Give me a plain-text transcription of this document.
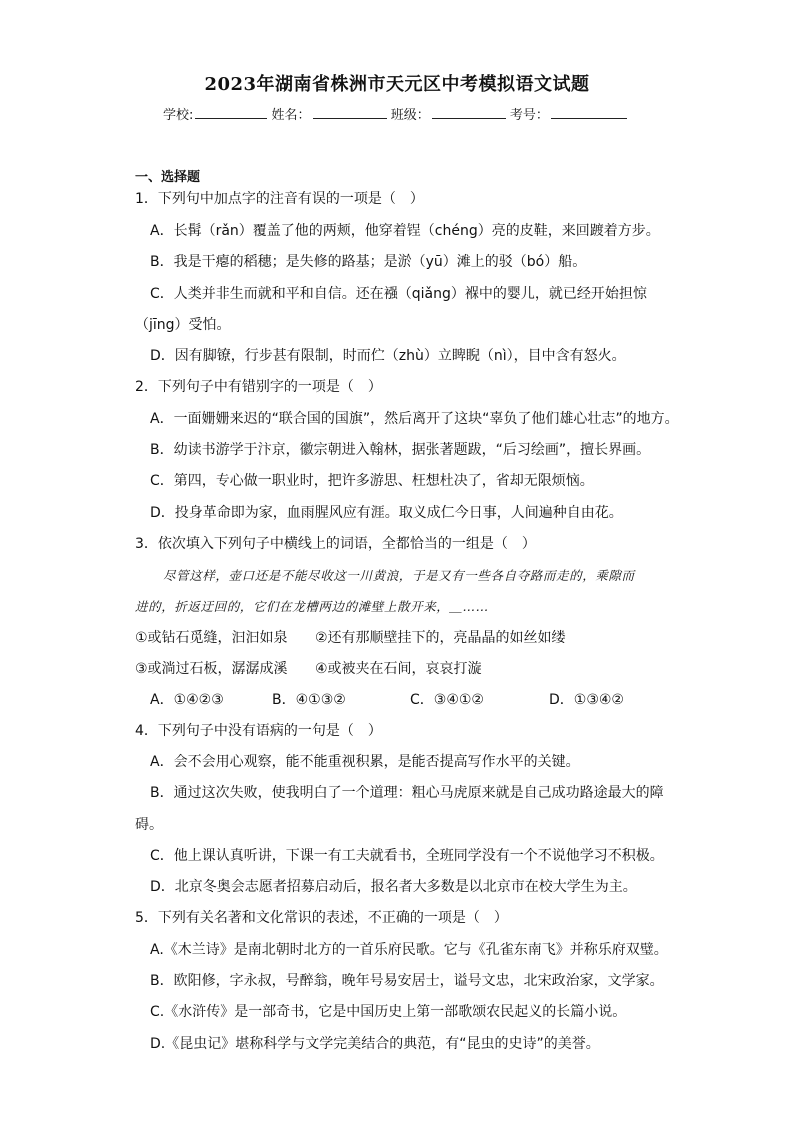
2023年湖南省株洲市天元区中考模拟语文试题
学校:	姓名：	班级：	考号：
一、选择题
1．下列句中加点字的注音有误的一项是（　）
A．长髯（rǎn）覆盖了他的两颊，他穿着锃（chéng）亮的皮鞋，来回踱着方步。
B．我是干瘪的稻穗；是失修的路基；是淤（yū）滩上的驳（bó）船。
C．人类并非生而就和平和自信。还在襁（qiǎng）褓中的婴儿，就已经开始担惊
（jīng）受怕。
D．因有脚镣，行步甚有限制，时而伫（zhù）立睥睨（nì），目中含有怒火。
2．下列句子中有错别字的一项是（　）
A．一面姗姗来迟的“联合国的国旗”，然后离开了这块“辜负了他们雄心壮志”的地方。
B．幼读书游学于汴京，徽宗朝进入翰林，据张著题跋，“后习绘画”，擅长界画。
C．第四，专心做一职业时，把许多游思、枉想杜决了，省却无限烦恼。
D．投身革命即为家，血雨腥风应有涯。取义成仁今日事，人间遍种自由花。
3．依次填入下列句子中横线上的词语，全都恰当的一组是（　）
尽管这样，壶口还是不能尽收这一川黄浪，于是又有一些各自夺路而走的，乘隙而
进的，折返迂回的，它们在龙槽两边的滩壁上散开来，＿……
①或钻石觅缝，汩汩如泉 ②还有那顺壁挂下的，亮晶晶的如丝如缕
③或淌过石板，潺潺成溪 ④或被夹在石间，哀哀打漩
A．①④②③	B．④①③②	C．③④①②	D．①③④②
4．下列句子中没有语病的一句是（　）
A．会不会用心观察，能不能重视积累，是能否提高写作水平的关键。
B．通过这次失败，使我明白了一个道理：粗心马虎原来就是自己成功路途最大的障
碍。
C．他上课认真听讲，下课一有工夫就看书，全班同学没有一个不说他学习不积极。
D．北京冬奥会志愿者招募启动后，报名者大多数是以北京市在校大学生为主。
5．下列有关名著和文化常识的表述，不正确的一项是（　）
A.《木兰诗》是南北朝时北方的一首乐府民歌。它与《孔雀东南飞》并称乐府双璧。
B．欧阳修，字永叔，号醉翁，晚年号易安居士，谥号文忠，北宋政治家，文学家。
C.《水浒传》是一部奇书，它是中国历史上第一部歌颂农民起义的长篇小说。
D.《昆虫记》堪称科学与文学完美结合的典范，有“昆虫的史诗”的美誉。
